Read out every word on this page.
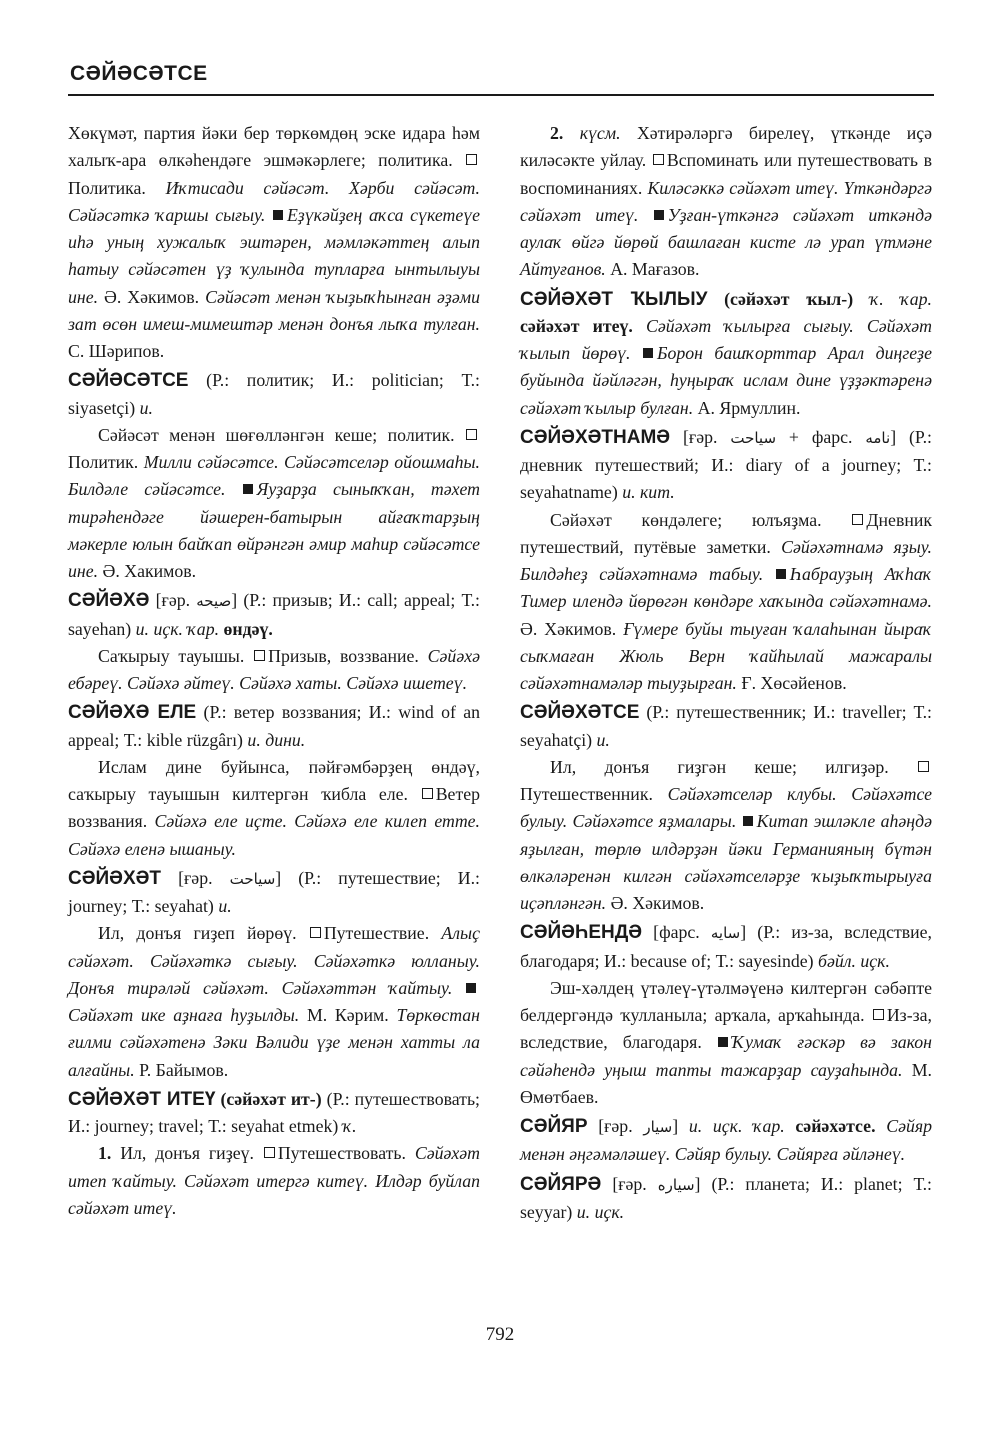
СӘЙӘСӘТСЕ

Хөкүмәт, партия йәки бер төркөмдөң эске идара һәм халыҡ-ара өлкәһендәге эшмәкәрлеге; политика. Политика. Иҡтисади сәйәсәт. Хәрби сәйәсәт. Сәйәсәткә ҡаршы сығыу. Еҙүкәйҙең аҡса сүкетеүе иһә уның хужалыҡ эштәрен, мәмләкәттең алып һатыу сәйәсәтен үҙ ҡулында тупларға ынтылыуы ине. Ә. Хәкимов. Сәйәсәт менән ҡыҙыҡһынған әҙәми зат өсөн имеш-мимештәр менән донъя лыҡа тулған. С. Шәрипов.

СӘЙӘСӘТСЕ (Р.: политик; И.: politician; Т.: siyasetçi) и.

Сәйәсәт менән шөғөлләнгән кеше; политик. Политик. Милли сәйәсәтсе. Сәйәсәтселәр ойошмаһы. Билдәле сәйәсәтсе. Яуҙарҙа сыныҡҡан, тәхет тирәһендәге йәшерен-батырын айғаҡтарҙың мәкерле юлын байҡап өйрәнгән әмир маһир сәйәсәтсе ине. Ә. Хакимов.

СӘЙӘХӘ [ғәр. صيحه] (Р.: призыв; И.: call; appeal; Т.: sayehan) и. иҫк. ҡар. өндәү.

Саҡырыу тауышы. Призыв, воззвание. Сәйәхә ебәреү. Сәйәхә әйтеү. Сәйәхә хаты. Сәйәхә ишетеү.

СӘЙӘХӘ ЕЛЕ (Р.: ветер воззвания; И.: wind of an appeal; Т.: kible rüzgârı) и. дини.

Ислам дине буйынса, пәйғәмбәрҙең өндәү, саҡырыу тауышын килтергән ҡибла еле. Ветер воззвания. Сәйәхә еле иҫте. Сәйәхә еле килеп етте. Сәйәхә еленә ышаныу.

СӘЙӘХӘТ [ғәр. سياحت] (Р.: путешествие; И.: journey; Т.: seyahat) и.

Ил, донъя гиҙеп йөрөү. Путешествие. Алыҫ сәйәхәт. Сәйәхәткә сығыу. Сәйәхәткә юлланыу. Донъя тирәләй сәйәхәт. Сәйәхәттән ҡайтыу. Сәйәхәт ике аҙнаға һуҙылды. М. Кәрим. Төркөстан ғилми сәйәхәтенә Зәки Вәлиди үҙе менән хатты ла алғайны. Р. Байымов.

СӘЙӘХӘТ ИТЕҮ (сәйәхәт ит-) (Р.: путешествовать; И.: journey; travel; Т.: seyahat etmek) ҡ.

1. Ил, донъя гиҙеү. Путешествовать. Сәйәхәт итеп ҡайтыу. Сәйәхәт итергә китеү. Илдәр буйлап сәйәхәт итеү.

2. күсм. Хәтирәләргә бирелеү, үткәнде иҫә киләсәкте уйлау. Вспоминать или путешествовать в воспоминаниях. Киләсәккә сәйәхәт итеү. Үткәндәргә сәйәхәт итеү. Уҙған-үткәнгә сәйәхәт иткәндә аулаҡ өйгә йөрөй башлаған кисте лә урап үтмәне Айтуғанов. А. Мағазов.

СӘЙӘХӘТ ҠЫЛЫУ (сәйәхәт ҡыл-) ҡ. ҡар. сәйәхәт итеү. Сәйәхәт ҡылырға сығыу. Сәйәхәт ҡылып йөрөү. Борон башҡорттар Арал диңгеҙе буйында йәйләгән, һуңыраҡ ислам дине үҙҙәктәренә сәйәхәт ҡылыр булған. А. Ярмуллин.

СӘЙӘХӘТНАМӘ [ғәр. سياحت + фарс. نامه] (Р.: дневник путешествий; И.: diary of a journey; Т.: seyahatname) и. кит.

Сәйәхәт көндәлеге; юлъяҙма.	Дневник путешествий, путёвые заметки. Сәйәхәтнамә яҙыу. Билдәһеҙ сәйәхәтнамә табыу. Һабрауҙың Аҡһаҡ Тимер илендә йөрөгән көндәре хаҡында сәйәхәтнамә. Ә. Хәкимов. Ғүмере буйы тыуған ҡалаһынан йыраҡ сыҡмаған Жюль Верн ҡайһылай мажаралы сәйәхәтнамәләр тыуҙырған. Ғ. Хөсәйенов.

СӘЙӘХӘТСЕ (Р.: путешественник; И.: traveller; Т.: seyahatçi) и.

Ил, донъя гиҙгән кеше; илгиҙәр. Путешественник. Сәйәхәтселәр клубы. Сәйәхәтсе булыу. Сәйәхәтсе яҙмалары. Китап эшләкле аһәңдә яҙылған, төрлө илдәрҙән йәки Германияның бүтән өлкәләренән килгән сәйәхәтселәрҙе ҡыҙыҡтырыуға иҫәпләнгән. Ә. Хәкимов.

СӘЙӘҺЕНДӘ [фарс. سايه] (Р.: из-за, вследствие, благодаря; И.: because of; Т.: sayesinde) бәйл. иҫк.

Эш-хәлдең үтәлеү-үтәлмәүенә килтергән сәбәпте белдергәндә ҡулланыла; арҡала, арҡаһында. Из-за, вследствие, благодаря. Ҡумаҡ ғәскәр вә закон сәйәһендә уңыш тапты тажарҙар сауҙаһында. М. Өмөтбаев.

СӘЙЯР [ғәр. سيار] и. иҫк. ҡар. сәйәхәтсе. Сәйяр менән әңгәмәләшеү. Сәйяр булыу. Сәйярға әйләнеү.

СӘЙЯРӘ [ғәр. سياره] (Р.: планета; И.: planet; Т.: seyyar) и. иҫк.

792
